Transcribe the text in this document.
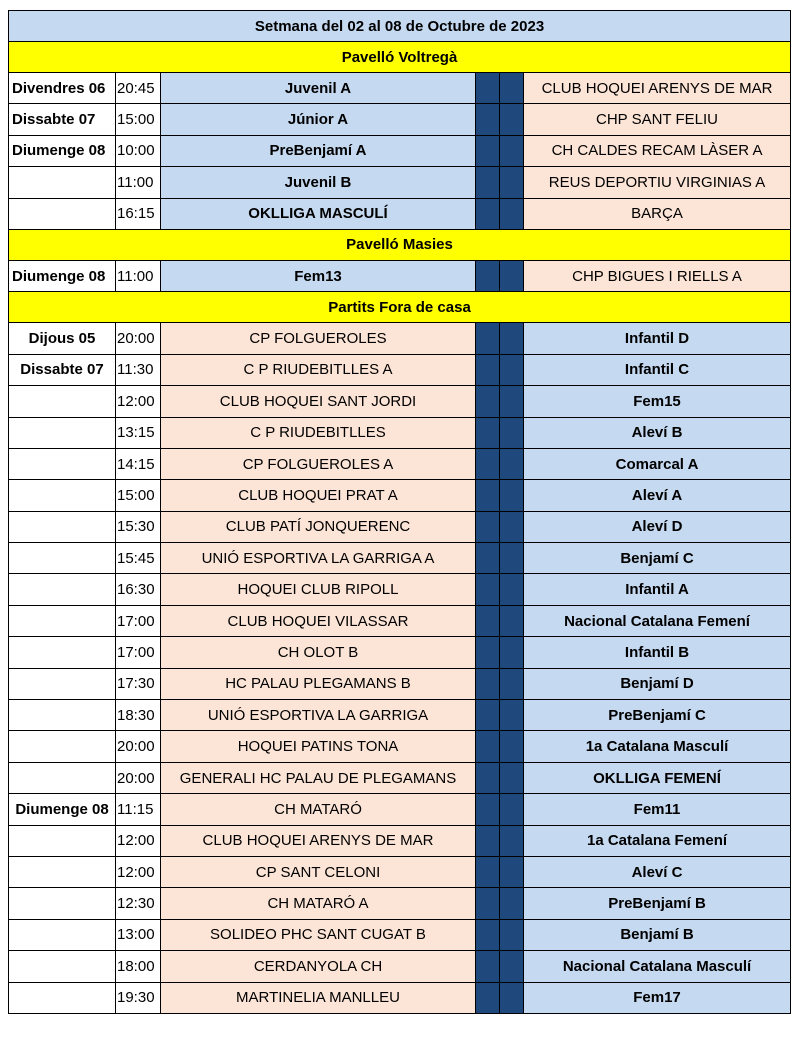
Setmana del 02 al 08 de Octubre de 2023					
Pavelló Voltregà					
Divendres 06	20:45	Juvenil A			CLUB HOQUEI ARENYS DE MAR
Dissabte 07	15:00	Júnior A			CHP SANT FELIU
Diumenge 08	10:00	PreBenjamí A			CH CALDES RECAM LÀSER A
	11:00	Juvenil B			REUS DEPORTIU VIRGINIAS A
	16:15	OKLLIGA MASCULÍ			BARÇA
Pavelló Masies					
Diumenge 08	11:00	Fem13			CHP BIGUES I RIELLS A
Partits Fora de casa					
Dijous 05	20:00	CP FOLGUEROLES			Infantil D
Dissabte 07	11:30	C P RIUDEBITLLES A			Infantil C
	12:00	CLUB HOQUEI SANT JORDI			Fem15
	13:15	C P RIUDEBITLLES			Aleví B
	14:15	CP FOLGUEROLES A			Comarcal A
	15:00	CLUB HOQUEI PRAT A			Aleví A
	15:30	CLUB PATÍ JONQUERENC			Aleví D
	15:45	UNIÓ ESPORTIVA LA GARRIGA A			Benjamí C
	16:30	HOQUEI CLUB RIPOLL			Infantil A
	17:00	CLUB HOQUEI VILASSAR			Nacional Catalana Femení
	17:00	CH OLOT B			Infantil B
	17:30	HC PALAU PLEGAMANS B			Benjamí D
	18:30	UNIÓ ESPORTIVA LA GARRIGA			PreBenjamí C
	20:00	HOQUEI PATINS TONA			1a Catalana Masculí
	20:00	GENERALI HC PALAU DE PLEGAMANS			OKLLIGA FEMENÍ
Diumenge 08	11:15	CH MATARÓ			Fem11
	12:00	CLUB HOQUEI ARENYS DE MAR			1a Catalana Femení
	12:00	CP SANT CELONI			Aleví C
	12:30	CH MATARÓ A			PreBenjamí B
	13:00	SOLIDEO PHC SANT CUGAT B			Benjamí B
	18:00	CERDANYOLA CH			Nacional Catalana Masculí
	19:30	MARTINELIA MANLLEU			Fem17
